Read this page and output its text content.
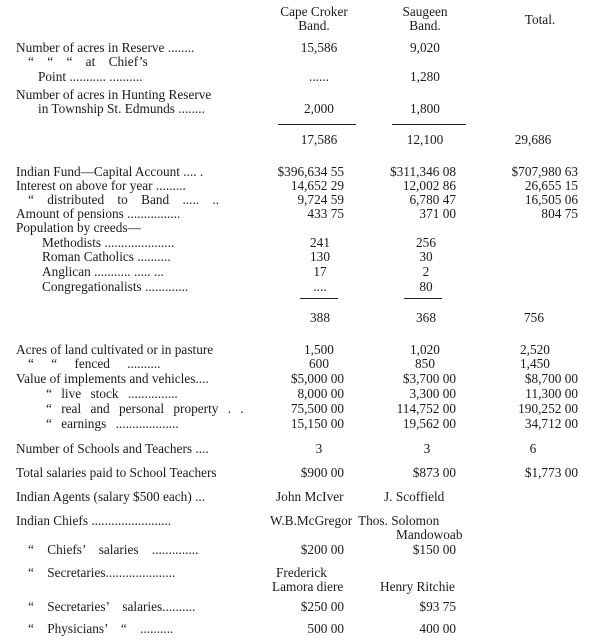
Cape Croker
Band.
Saugeen
Band.	Total.
Number of acres in Reserve ........	15,586	9,020
“ “ “ at Chief’s
Point ........... ..........	......	1,280
Number of acres in Hunting Reserve
in Township St. Edmunds ........	2,000	1,800
17,586	12,100	29,686
Indian Fund—Capital Account .... .	$396,634 55	$311,346 08	$707,980 63
Interest on above for year .........	14,652 29	12,002 86	26,655 15
“ distributed to Band ..... ..	9,724 59	6,780 47	16,505 06
Amount of pensions ................	433 75	371 00	804 75
Population by creeds—
Methodists .....................	241	256
Roman Catholics ..........	130	30
Anglican ........... ..... ...	17	2
Congregationalists .............	....	80
388	368	756
Acres of land cultivated or in pasture	1,500	1,020	2,520
“ “ fenced ..........	600	850	1,450
Value of implements and vehicles....	$5,000 00	$3,700 00	$8,700 00
“ live stock ...............	8,000 00	3,300 00	11,300 00
“ real and personal property . .	75,500 00	114,752 00	190,252 00
“ earnings ...................	15,150 00	19,562 00	34,712 00
Number of Schools and Teachers ....	3	3	6
Total salaries paid to School Teachers	$900 00	$873 00	$1,773 00
Indian Agents (salary $500 each) ...	John McIver	J. Scoffield
Indian Chiefs ........................	W.B.McGregor Thos. Solomon
Mandowoab
“ Chiefs’ salaries ..............	$200 00	$150 00
“ Secretaries.....................	Frederick
Lamora diere	Henry Ritchie
“ Secretaries’ salaries..........	$250 00	$93 75
“ Physicians’ “ ..........	500 00	400 00
